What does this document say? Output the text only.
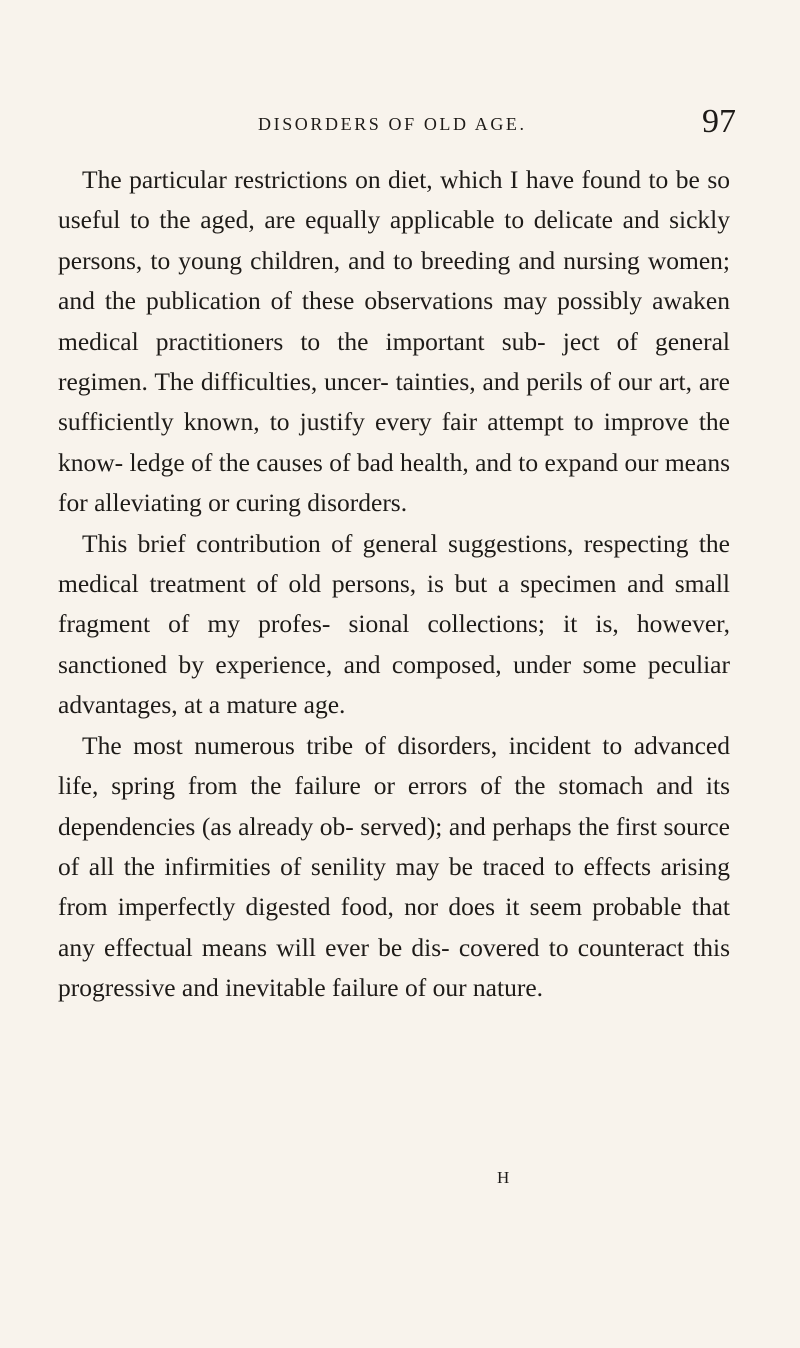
DISORDERS OF OLD AGE.	97

The particular restrictions on diet, which I have found to be so useful to the aged, are equally applicable to delicate and sickly persons, to young children, and to breeding and nursing women; and the publication of these observations may possibly awaken medical practitioners to the important sub- ject of general regimen. The difficulties, uncer- tainties, and perils of our art, are sufficiently known, to justify every fair attempt to improve the know- ledge of the causes of bad health, and to expand our means for alleviating or curing disorders.

This brief contribution of general suggestions, respecting the medical treatment of old persons, is but a specimen and small fragment of my profes- sional collections; it is, however, sanctioned by experience, and composed, under some peculiar advantages, at a mature age.

The most numerous tribe of disorders, incident to advanced life, spring from the failure or errors of the stomach and its dependencies (as already ob- served); and perhaps the first source of all the infirmities of senility may be traced to effects arising from imperfectly digested food, nor does it seem probable that any effectual means will ever be dis- covered to counteract this progressive and inevitable failure of our nature.

H
